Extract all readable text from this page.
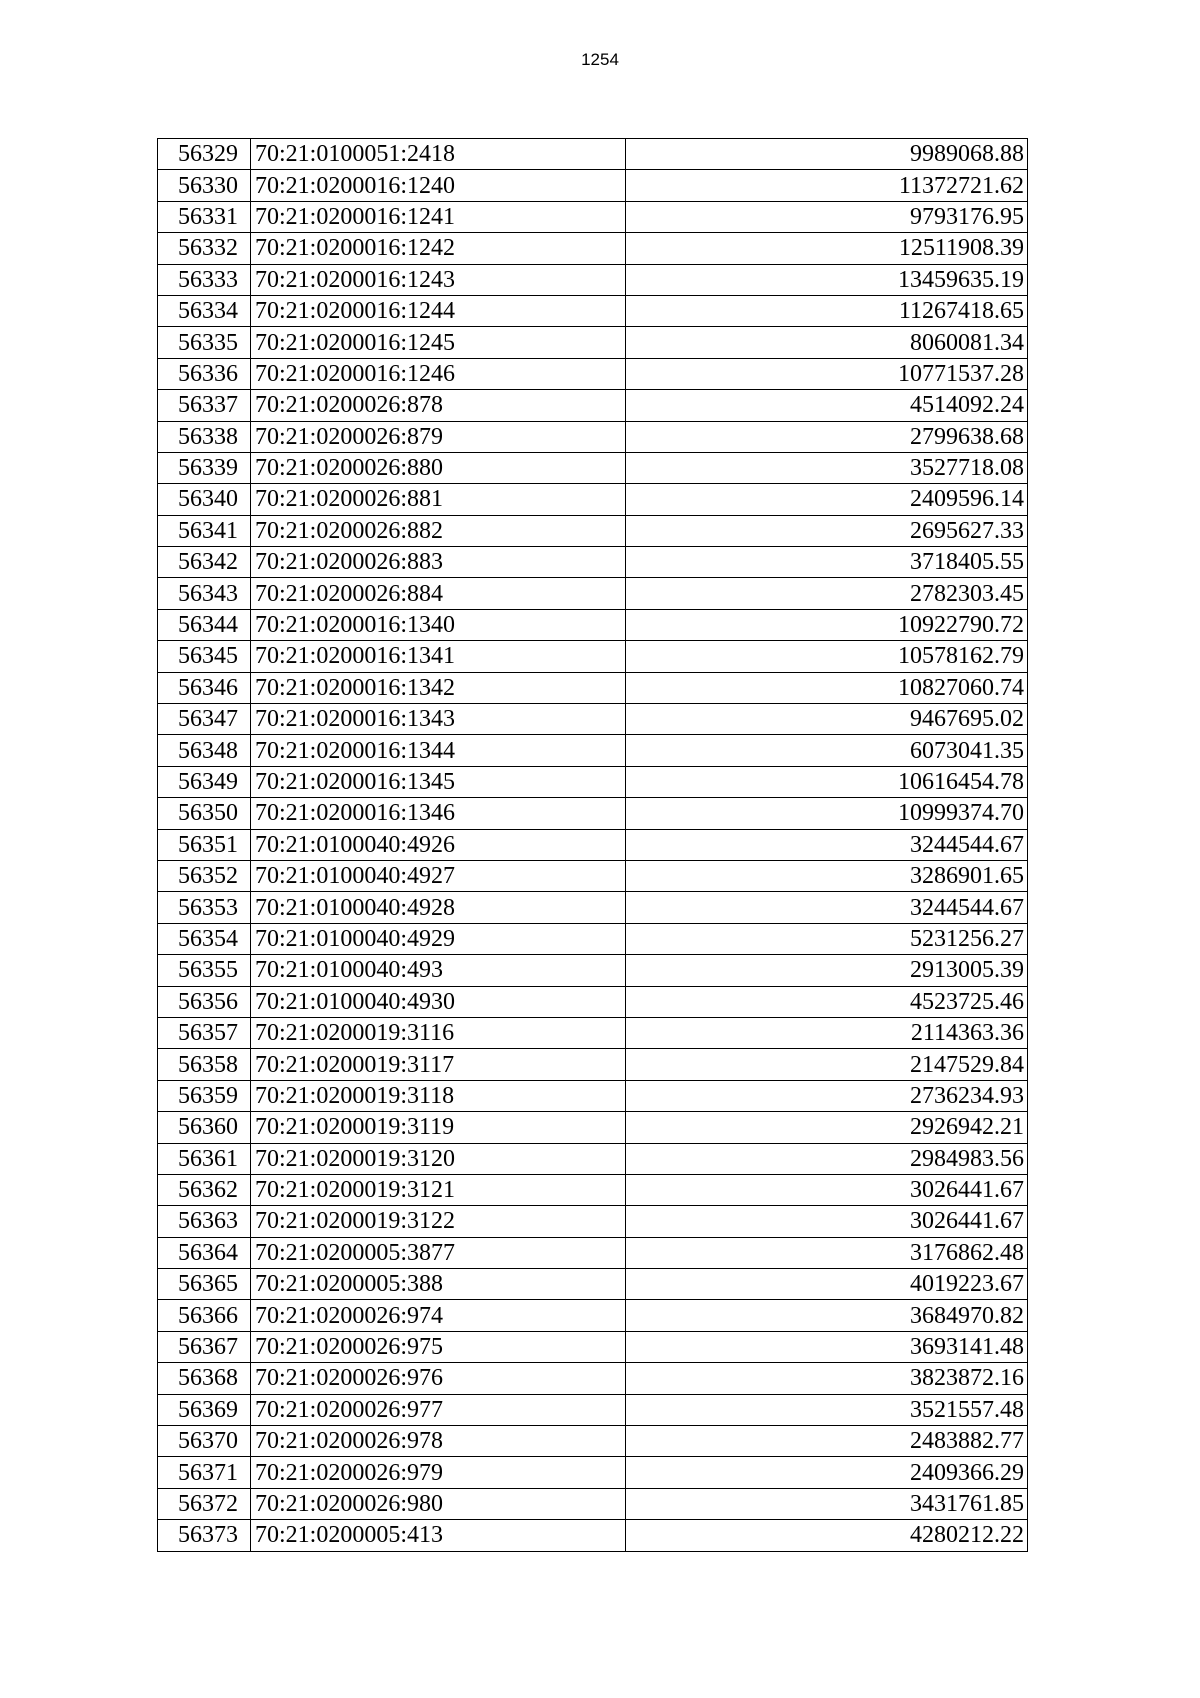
1254
56329	70:21:0100051:2418	9989068.88
56330	70:21:0200016:1240	11372721.62
56331	70:21:0200016:1241	9793176.95
56332	70:21:0200016:1242	12511908.39
56333	70:21:0200016:1243	13459635.19
56334	70:21:0200016:1244	11267418.65
56335	70:21:0200016:1245	8060081.34
56336	70:21:0200016:1246	10771537.28
56337	70:21:0200026:878	4514092.24
56338	70:21:0200026:879	2799638.68
56339	70:21:0200026:880	3527718.08
56340	70:21:0200026:881	2409596.14
56341	70:21:0200026:882	2695627.33
56342	70:21:0200026:883	3718405.55
56343	70:21:0200026:884	2782303.45
56344	70:21:0200016:1340	10922790.72
56345	70:21:0200016:1341	10578162.79
56346	70:21:0200016:1342	10827060.74
56347	70:21:0200016:1343	9467695.02
56348	70:21:0200016:1344	6073041.35
56349	70:21:0200016:1345	10616454.78
56350	70:21:0200016:1346	10999374.70
56351	70:21:0100040:4926	3244544.67
56352	70:21:0100040:4927	3286901.65
56353	70:21:0100040:4928	3244544.67
56354	70:21:0100040:4929	5231256.27
56355	70:21:0100040:493	2913005.39
56356	70:21:0100040:4930	4523725.46
56357	70:21:0200019:3116	2114363.36
56358	70:21:0200019:3117	2147529.84
56359	70:21:0200019:3118	2736234.93
56360	70:21:0200019:3119	2926942.21
56361	70:21:0200019:3120	2984983.56
56362	70:21:0200019:3121	3026441.67
56363	70:21:0200019:3122	3026441.67
56364	70:21:0200005:3877	3176862.48
56365	70:21:0200005:388	4019223.67
56366	70:21:0200026:974	3684970.82
56367	70:21:0200026:975	3693141.48
56368	70:21:0200026:976	3823872.16
56369	70:21:0200026:977	3521557.48
56370	70:21:0200026:978	2483882.77
56371	70:21:0200026:979	2409366.29
56372	70:21:0200026:980	3431761.85
56373	70:21:0200005:413	4280212.22
